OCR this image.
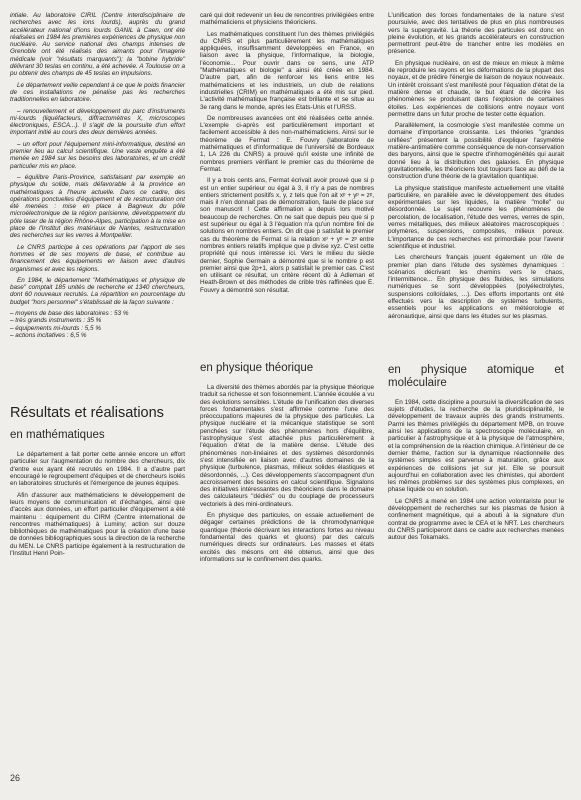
intiale. Au laboratoire CIRIL (Centre interdisciplinaire de recherches avec les ions lourds), auprès du grand accélérateur national d'ions lourds GANIL à Caen, ont été réalisées en 1984 les premières expériences de physique non nucléaire. Au service national des champs intenses de Grenoble ont été réalisés des aimants pour l'imagerie médicale (voir "résultats marquants"); la "bobine hybride" délivrant 30 teslas en continu, a été achevée. A Toulouse on a pu obtenir des champs de 45 teslas en impulsions.

Le département veille cependant à ce que le poids financier de ces installations ne pénalise pas les recherches traditionnelles en laboratoire.

– renouvellement et développement du parc d'instruments mi-lourds (liquéfacteurs, diffractomètres X, microscopes électroniques, ESCA...). Il s'agit de la poursuite d'un effort important initié au cours des deux dernières années.

– un effort pour l'équipement mini-informatique, destiné en premier lieu au calcul scientifique. Une vaste enquête a été menée en 1984 sur les besoins des laboratoires, et un crédit particulier mis en place.

– équilibre Paris-Province, satisfaisant par exemple en physique du solide, mais défavorable à la province en mathématiques à l'heure actuelle. Dans ce cadre, des opérations ponctuelles d'équipement et de restructuration ont été menées : mise en place à Bagneux du pôle microélectronique de la région parisienne, développement du pôle laser de la région Rhône-Alpes, participation à la mise en place de l'Institut des matériaux de Nantes, restructuration des recherches sur les verres à Montpellier.

Le CNRS participe à ces opérations par l'apport de ses hommes et de ses moyens de base, et contribue au financement des équipements en liaison avec d'autres organismes et avec les régions.

En 1984, le département "Mathématiques et physique de base" comptait 185 unités de recherche et 1340 chercheurs, dont 60 nouveaux recrutés. La répartition en pourcentage du budget "hors personnel" s'établissait de la façon suivante :

– moyens de base des laboratoires : 53 %
– très grands instruments : 35 %
– équipements mi-lourds : 5,5 %
– actions incitatives : 6,5 %
Résultats et réalisations
en mathématiques

Le département a fait porter cette année encore un effort particulier sur l'augmentation du nombre des chercheurs, dix d'entre eux ayant été recrutés en 1984. Il a d'autre part encouragé le regroupement d'équipes et de chercheurs isolés en laboratoires structurés et l'émergence de jeunes équipes.

Afin d'assurer aux mathématiciens le développement de leurs moyens de communication et d'échanges, ainsi que d'accès aux données, un effort particulier d'équipement a été maintenu : équipement du CIRM (Centre international de rencontres mathématiques) à Luminy; action sur douze bibliothèques de mathématiques pour la création d'une base de données bibliographiques sous la direction de la recherche du MEN. Le CNRS participe également à la restructuration de l'Institut Henri Poin-

caré qui doit redevenir un lieu de rencontres privilégiées entre mathématiciens et physiciens théoriciens.

Les mathématiques constituent l'un des thèmes privilégiés du CNRS et plus particulièrement les mathématiques appliquées, insuffisamment développées en France, en liaison avec la physique, l'informatique, la biologie, l'économie... Pour ouvrir dans ce sens, une ATP "Mathématiques et biologie" a ainsi été créée en 1984. D'autre part, afin de renforcer les liens entre les mathématiciens et les industriels, un club de relations industrielles (CRIM) en mathématiques a été mis sur pied. L'activité mathématique française est brillante et se situe au 3e rang dans le monde, après les Etats-Unis et l'URSS.

De nombreuses avancées ont été réalisées cette année. L'exemple ci-après est particulièrement important et facilement accessible à des non-mathématiciens. Ainsi sur le théorème de Fermat : E. Fouvry (laboratoire de mathématiques et d'informatique de l'université de Bordeaux 1, LA 226 du CNRS) a prouvé qu'il existe une infinité de nombres premiers vérifiant le premier cas du théorème de Fermat.

Il y a trois cents ans, Fermat écrivait avoir prouvé que si p est un entier supérieur ou égal à 3, il n'y a pas de nombres entiers strictement positifs x, y, z tels que l'on ait xᵖ + yᵖ = zᵖ, mais il n'en donnait pas de démonstration, faute de place sur son manuscrit ! Cette affirmation a depuis lors motivé beaucoup de recherches. On ne sait que depuis peu que si p est supérieur ou égal à 3 l'équation n'a qu'un nombre fini de solutions en nombres entiers. On dit que p satisfait le premier cas du théorème de Fermat si la relation xᵖ + yᵖ = zᵖ entre nombres entiers relatifs implique que p divise xyz. C'est cette propriété qui nous intéresse ici. Vers le milieu du siècle dernier, Sophie Germain a démontré que si le nombre p est premier ainsi que 2p+1, alors p satisfait le premier cas. C'est en utilisant ce résultat, un critère récent dû à Adleman et Heath-Brown et des méthodes de crible très raffinées que E. Fouvry a démontré son résultat.

en physique théorique

La diversité des thèmes abordés par la physique théorique traduit sa richesse et son foisonnement. L'année écoulée a vu des évolutions sensibles. L'étude de l'unification des diverses forces fondamentales s'est affirmée comme l'une des préoccupations majeures de la physique des particules. La physique nucléaire et la mécanique statistique se sont penchées sur l'étude des phénomènes hors d'équilibre, l'astrophysique s'est attachée plus particulièrement à l'équation d'état de la matière dense. L'étude des phénomènes non-linéaires et des systèmes désordonnés s'est intensifiée en liaison avec d'autres domaines de la physique (turbulence, plasmas, milieux solides élastiques et désordonnés, ...). Ces développements s'accompagnent d'un accroissement des besoins en calcul scientifique. Signalons des initiatives intéressantes des théoriciens dans le domaine des calculateurs "dédiés" ou du couplage de processeurs vectoriels à des mini-ordinateurs.

En physique des particules, on essaie actuellement de dégager certaines prédictions de la chromodynamique quantique (théorie décrivant les interactions fortes au niveau fondamental des quarks et gluons) par des calculs numériques directs sur ordinateurs. Les masses et états excités des mésons ont été obtenus, ainsi que des informations sur le confinement des quarks.

L'unification des forces fondamentales de la nature s'est poursuivie, avec des tentatives de plus en plus nombreuses vers la supergravité. La théorie des particules est donc en pleine évolution, et les grands accélérateurs en construction permettront peut-être de trancher entre les modèles en présence.

En physique nucléaire, on est de mieux en mieux à même de reproduire les rayons et les déformations de la plupart des noyaux, et de prédire l'énergie de liaison de noyaux nouveaux. Un intérêt croissant s'est manifesté pour l'équation d'état de la matière dense et chaude, le but étant de décrire les phénomènes se produisant dans l'explosion de certaines étoiles. Les expériences de collisions entre noyaux vont permettre dans un futur proche de tester cette équation.

Parallèlement, la cosmologie s'est manifestée comme un domaine d'importance croissante. Les théories "grandes unifiées" présentent la possibilité d'expliquer l'asymétrie matière-antimatière comme conséquence de non-conservation des baryons, ainsi que le spectre d'inhomogénéités qui aurait donné lieu à la distribution des galaxies. En physique gravitationnelle, les théoriciens tout toujours face au défi de la construction d'une théorie de la gravitation quantique.

La physique statistique manifeste actuellement une vitalité particulière, en parallèle avec le développement des études expérimentales sur les liquides, la matière "molle" ou désordonnée. Le sujet recouvre les phénomènes de percolation, de localisation, l'étude des verres, verres de spin, verres métalliques, des milieux aléatoires macroscopiques : polymères, suspensions, composites, milieux poreux. L'importance de ces recherches est primordiale pour l'avenir scientifique et industriel.

Les chercheurs français jouent également un rôle de premier plan dans l'étude des systèmes dynamiques : scénarios décrivant les chemins vers le chaos, l'intermittence... En physique des fluides, les simulations numériques se sont développées (polyélectrolytes, suspensions colloïdales, ...). Des efforts importants ont été effectués vers la description de systèmes turbulents, essentiels pour les applications en météorologie et aéronautique, ainsi que dans les études sur les plasmas.

en physique atomique et moléculaire

En 1984, cette discipline a poursuivi la diversification de ses sujets d'études, la recherche de la pluridisciplinarité, le développement de travaux auprès des grands instruments. Parmi les thèmes privilégiés du département MPB, on trouve ainsi les applications de la spectroscopie moléculaire, en particulier à l'astrophysique et à la physique de l'atmosphère, et la compréhension de la réaction chimique. A l'intérieur de ce dernier thème, l'action sur la dynamique réactionnelle des systèmes simples est parvenue à maturation, grâce aux expériences de collisions jet sur jet. Elle se poursuit aujourd'hui en collaboration avec les chimistes, qui abordent les mêmes problèmes sur des systèmes plus complexes, en phase liquide ou en solution.

Le CNRS a mené en 1984 une action volontariste pour le développement de recherches sur les plasmas de fusion à confinement magnétique, qui a abouti à la signature d'un contrat de programme avec le CEA et le NRT. Les chercheurs du CNRS participeront dans ce cadre aux recherches menées autour des Tokamaks.

26
